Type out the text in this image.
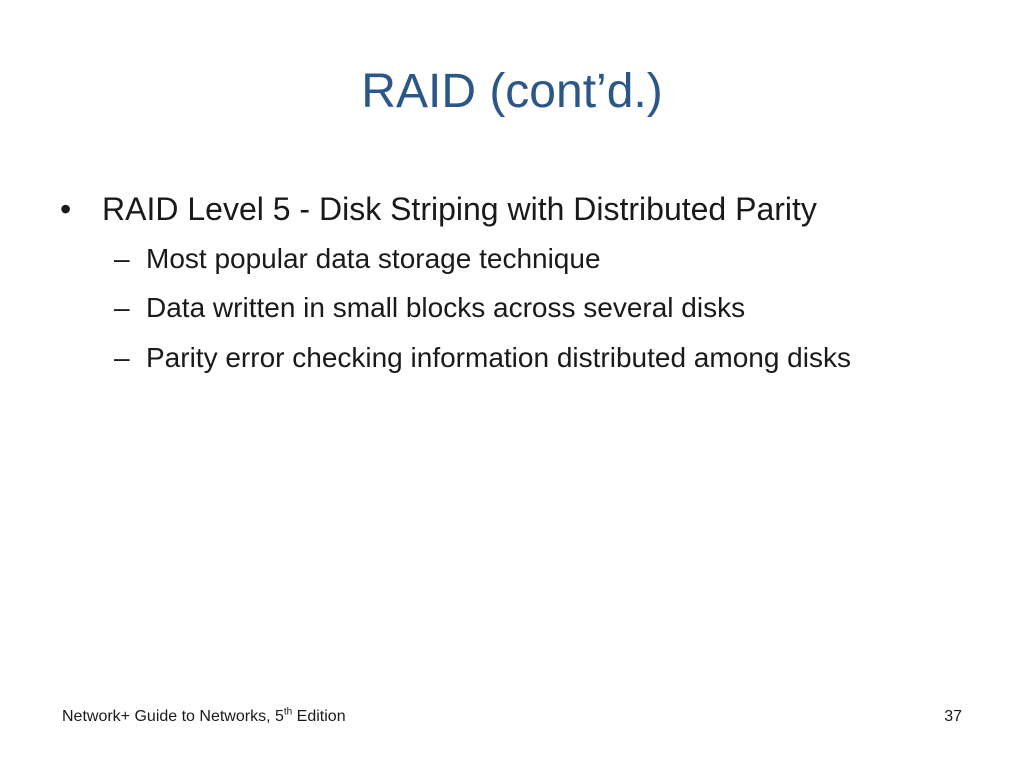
RAID (cont’d.)
• RAID Level 5 - Disk Striping with Distributed Parity
– Most popular data storage technique
– Data written in small blocks across several disks
– Parity error checking information distributed among disks
Network+ Guide to Networks, 5th Edition	37
